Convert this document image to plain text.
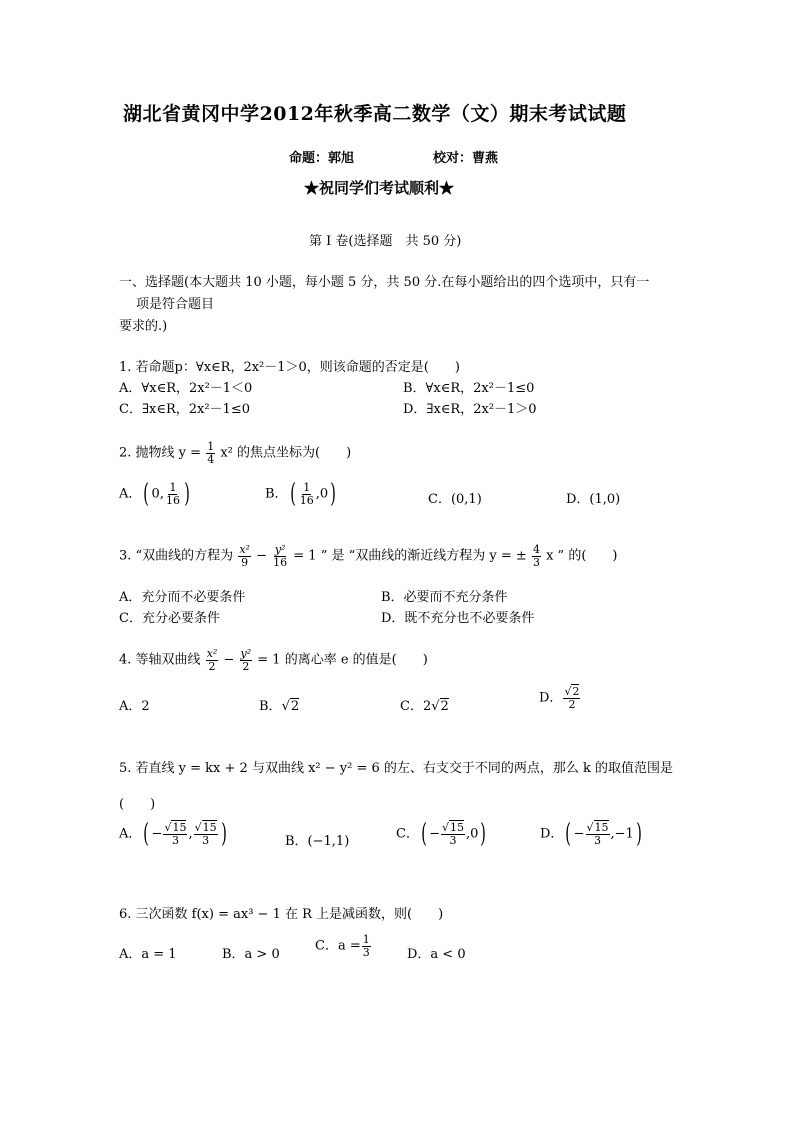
湖北省黄冈中学2012年秋季高二数学（文）期末考试试题
命题：郭旭	校对：曹燕
★祝同学们考试顺利★
第 I 卷(选择题　共 50 分)
一、选择题(本大题共 10 小题，每小题 5 分，共 50 分.在每小题给出的四个选项中，只有一
项是符合题目
要求的.)
1. 若命题p：∀x∈R，2x²－1＞0，则该命题的否定是(　　)
A．∀x∈R，2x²－1＜0	B．∀x∈R，2x²－1≤0
C．∃x∈R，2x²－1≤0	D．∃x∈R，2x²－1＞0
2. 抛物线 $y = \frac{1}{4} x^2$ 的焦点坐标为(　　)
A．( 0, $\frac{1}{16}$ )	B．( $\frac{1}{16} ,0$)	C．(0,1)	D．(1,0)
3. “双曲线的方程为 $\frac{\text{x²}}{9} - \frac{\text{y²}}{16} = 1$ ” 是 “双曲线的渐近线方程为 y = ± $\frac{4}{3}$ x ” 的(　　)
A．充分而不必要条件	B．必要而不充分条件
C．充分必要条件	D．既不充分也不必要条件
4. 等轴双曲线 $\frac{\text{x²}}{2} - \frac{\text{y²}}{2} = 1$ 的离心率 e 的值是(　　)
A．2	B．√2	C．2√2
D． $\frac{√2}{2}$
5. 若直线 y = kx + 2 与双曲线 x² − y² = 6 的左、右支交于不同的两点，那么 k 的取值范围是
(　　)
A．( − $\frac{√15}{3}$ , $\frac{√15}{3}$ )	B．(−1,1)	C．( − $\frac{√15}{3} ,0$)	D．( − $\frac{√15}{3} ,-1$)
6. 三次函数 f(x) = ax³ − 1 在 R 上是减函数，则(　　)
A．a = 1	B．a > 0
C．$a = \frac{1}{3}$	D．a < 0
